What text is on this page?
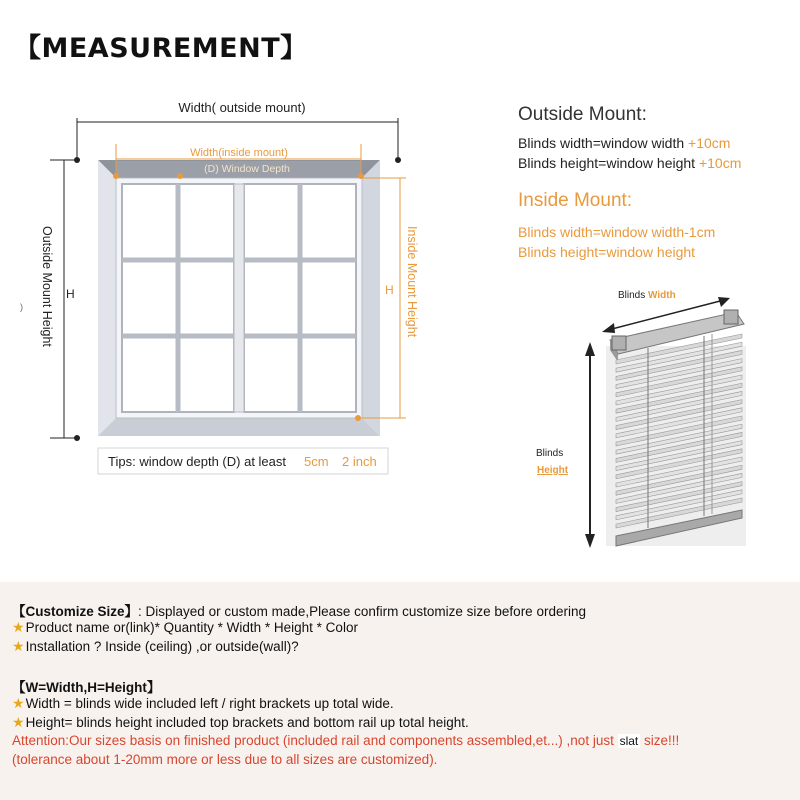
【MEASUREMENT】
Width( outside mount)
Outside Mount Height H
)
Width(inside mount)
(D) Window Depth
Inside Mount Height
H
Tips: window depth (D) at least 5cm 2 inch
Blinds Width
Blinds
Height
Outside Mount:
Blinds width=window width +10cm
Blinds height=window height +10cm
Inside Mount:
Blinds width=window width-1cm
Blinds height=window height
【Customize Size】: Displayed or custom made,Please confirm customize size before ordering
★Product name or(link)* Quantity * Width * Height * Color
★Installation ? Inside (ceiling) ,or outside(wall)?
【W=Width,H=Height】
★Width = blinds wide included left / right brackets up total wide.
★Height= blinds height included top brackets and bottom rail up total height.
Attention:Our sizes basis on finished product (included rail and components assembled,et...) ,not just slat size!!!
(tolerance about 1-20mm more or less due to all sizes are customized).
